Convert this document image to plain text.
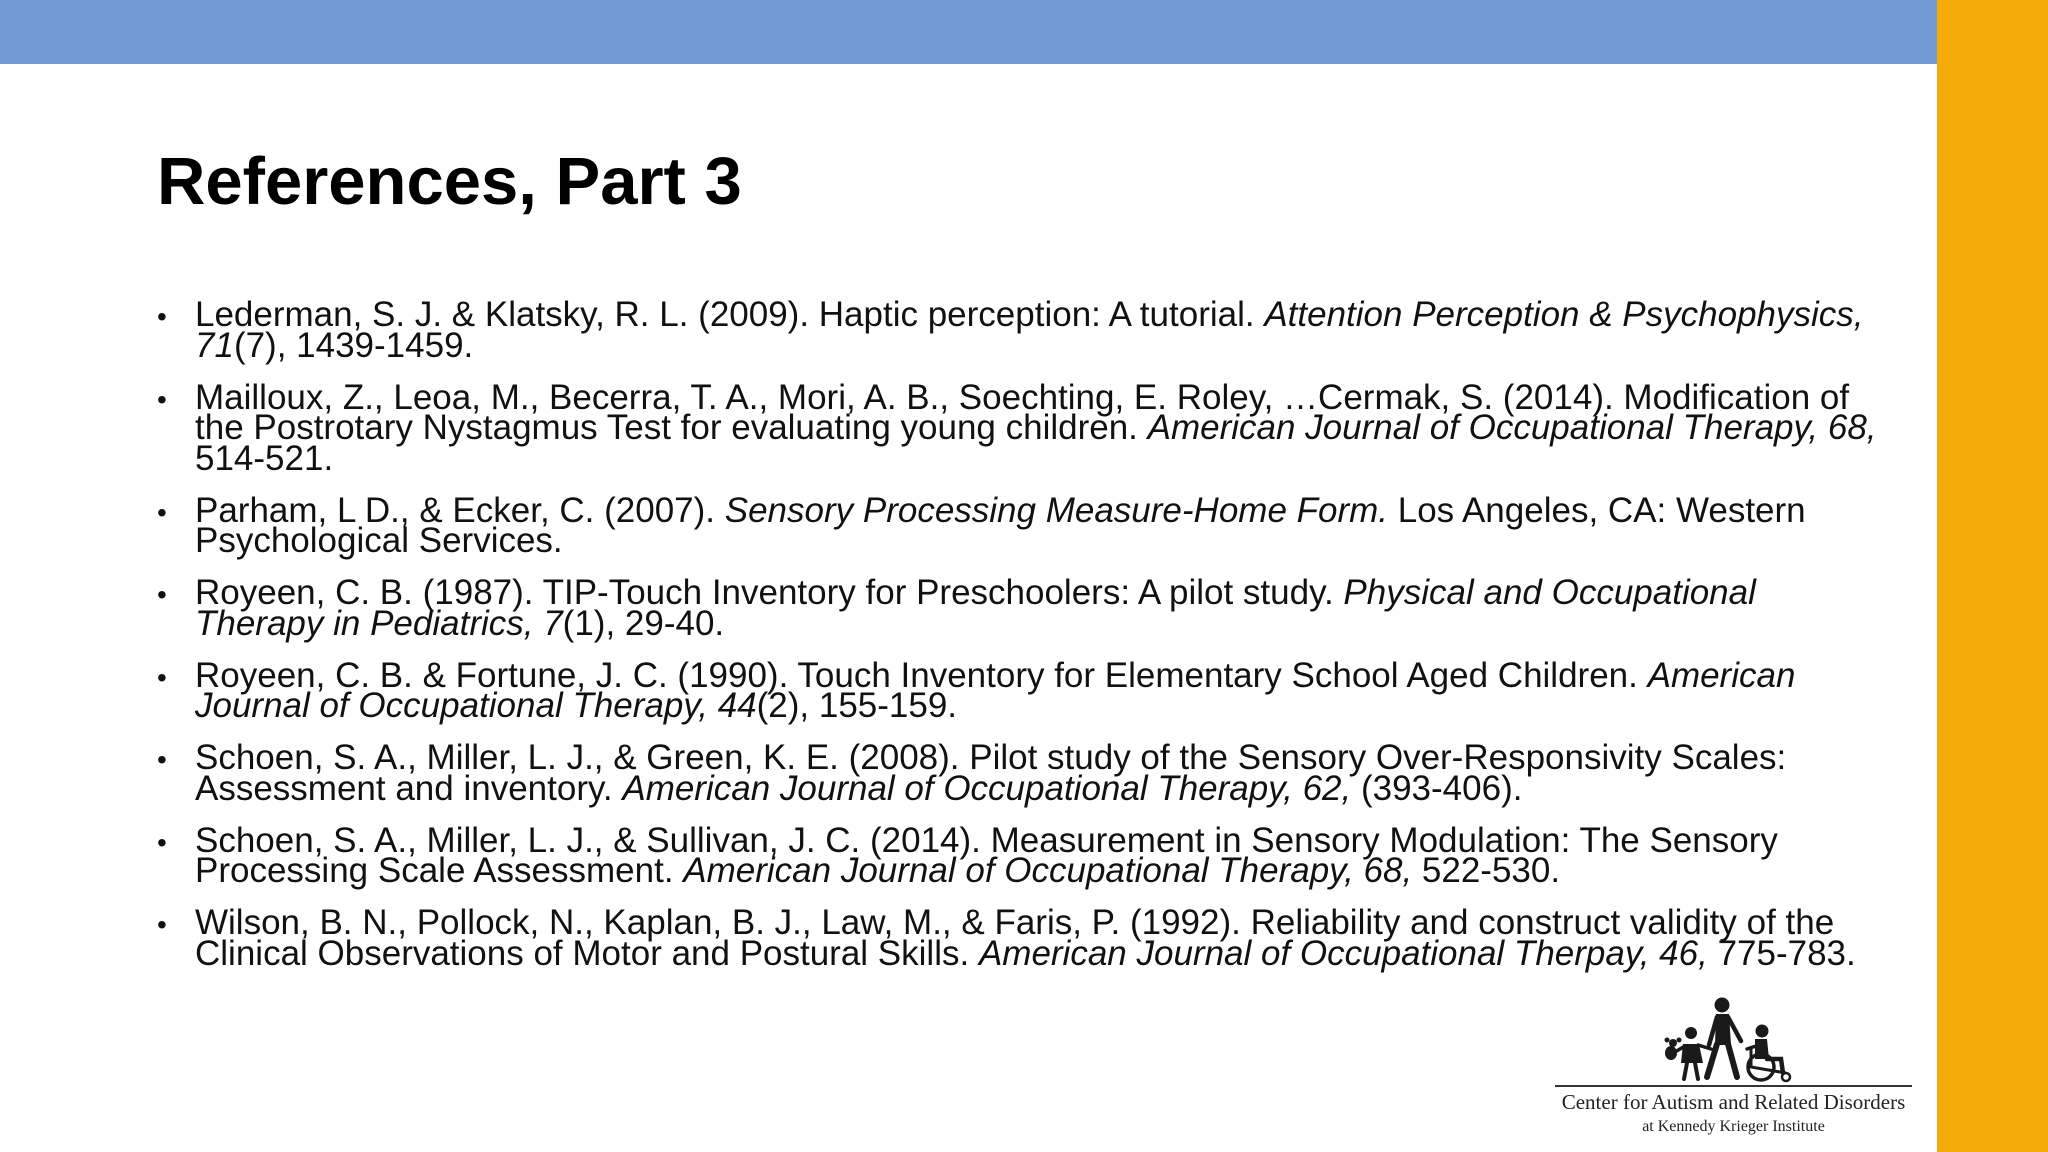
References, Part 3
• Lederman, S. J. & Klatsky, R. L. (2009). Haptic perception: A tutorial. Attention Perception & Psychophysics, 71(7), 1439-1459.
• Mailloux, Z., Leoa, M., Becerra, T. A., Mori, A. B., Soechting, E. Roley, …Cermak, S. (2014). Modification of the Postrotary Nystagmus Test for evaluating young children. American Journal of Occupational Therapy, 68, 514-521.
• Parham, L D., & Ecker, C. (2007). Sensory Processing Measure-Home Form. Los Angeles, CA: Western Psychological Services.
• Royeen, C. B. (1987). TIP-Touch Inventory for Preschoolers: A pilot study. Physical and Occupational Therapy in Pediatrics, 7(1), 29-40.
• Royeen, C. B. & Fortune, J. C. (1990). Touch Inventory for Elementary School Aged Children. American Journal of Occupational Therapy, 44(2), 155-159.
• Schoen, S. A., Miller, L. J., & Green, K. E. (2008). Pilot study of the Sensory Over-Responsivity Scales: Assessment and inventory. American Journal of Occupational Therapy, 62, (393-406).
• Schoen, S. A., Miller, L. J., & Sullivan, J. C. (2014). Measurement in Sensory Modulation: The Sensory Processing Scale Assessment. American Journal of Occupational Therapy, 68, 522-530.
• Wilson, B. N., Pollock, N., Kaplan, B. J., Law, M., & Faris, P. (1992). Reliability and construct validity of the Clinical Observations of Motor and Postural Skills. American Journal of Occupational Therpay, 46, 775-783.
Center for Autism and Related Disorders
at Kennedy Krieger Institute
